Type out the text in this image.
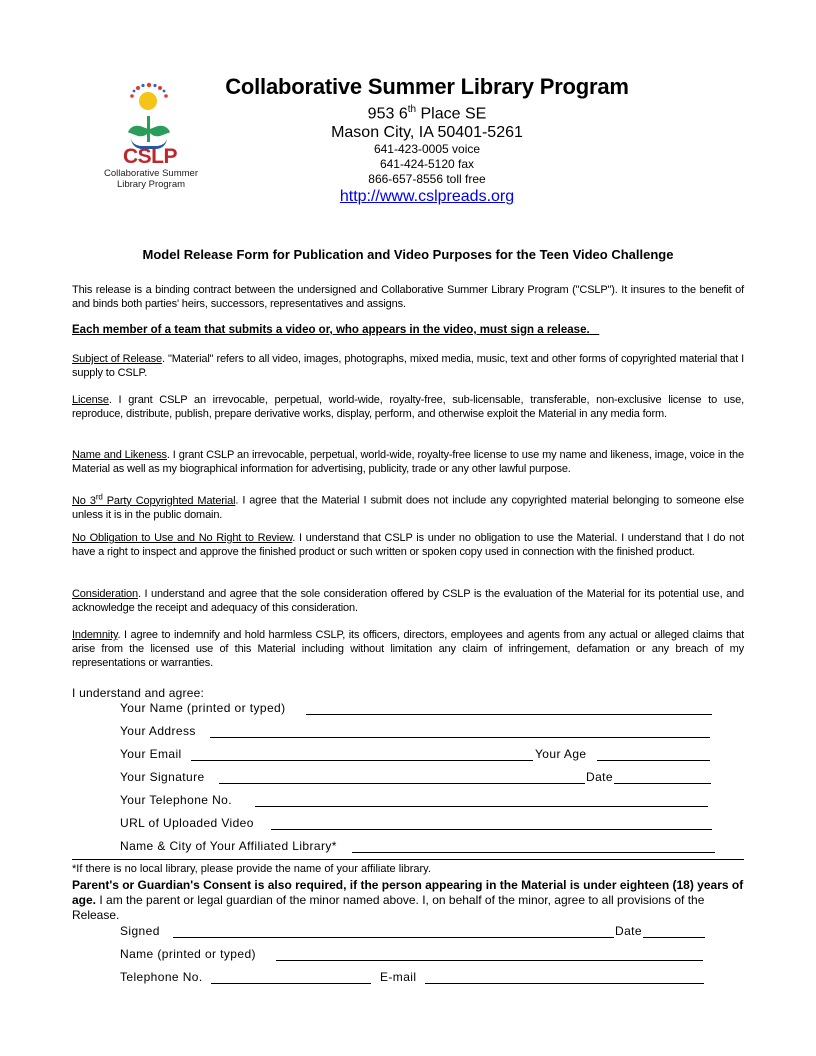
CSLP
Collaborative Summer
Library Program
Collaborative Summer Library Program
953 6th Place SE
Mason City, IA 50401-5261
641-423-0005 voice
641-424-5120 fax
866-657-8556 toll free
http://www.cslpreads.org
Model Release Form for Publication and Video Purposes for the Teen Video Challenge
This release is a binding contract between the undersigned and Collaborative Summer Library Program ("CSLP"). It insures to the benefit of and binds both parties' heirs, successors, representatives and assigns.
Each member of a team that submits a video or, who appears in the video, must sign a release.
Subject of Release. "Material" refers to all video, images, photographs, mixed media, music, text and other forms of copyrighted material that I supply to CSLP.
License. I grant CSLP an irrevocable, perpetual, world-wide, royalty-free, sub-licensable, transferable, non-exclusive license to use, reproduce, distribute, publish, prepare derivative works, display, perform, and otherwise exploit the Material in any media form.
Name and Likeness. I grant CSLP an irrevocable, perpetual, world-wide, royalty-free license to use my name and likeness, image, voice in the Material as well as my biographical information for advertising, publicity, trade or any other lawful purpose.
No 3rd Party Copyrighted Material. I agree that the Material I submit does not include any copyrighted material belonging to someone else unless it is in the public domain.
No Obligation to Use and No Right to Review. I understand that CSLP is under no obligation to use the Material. I understand that I do not have a right to inspect and approve the finished product or such written or spoken copy used in connection with the finished product.
Consideration. I understand and agree that the sole consideration offered by CSLP is the evaluation of the Material for its potential use, and acknowledge the receipt and adequacy of this consideration.
Indemnity. I agree to indemnify and hold harmless CSLP, its officers, directors, employees and agents from any actual or alleged claims that arise from the licensed use of this Material including without limitation any claim of infringement, defamation or any breach of my representations or warranties.
I understand and agree:
Your Name (printed or typed)
Your Address
Your Email	Your Age
Your Signature	Date
Your Telephone No.
URL of Uploaded Video
Name & City of Your Affiliated Library*
*If there is no local library, please provide the name of your affiliate library.
Parent's or Guardian's Consent is also required, if the person appearing in the Material is under eighteen (18) years of age. I am the parent or legal guardian of the minor named above. I, on behalf of the minor, agree to all provisions of the Release.
Signed	Date
Name (printed or typed)
Telephone No.	E-mail
